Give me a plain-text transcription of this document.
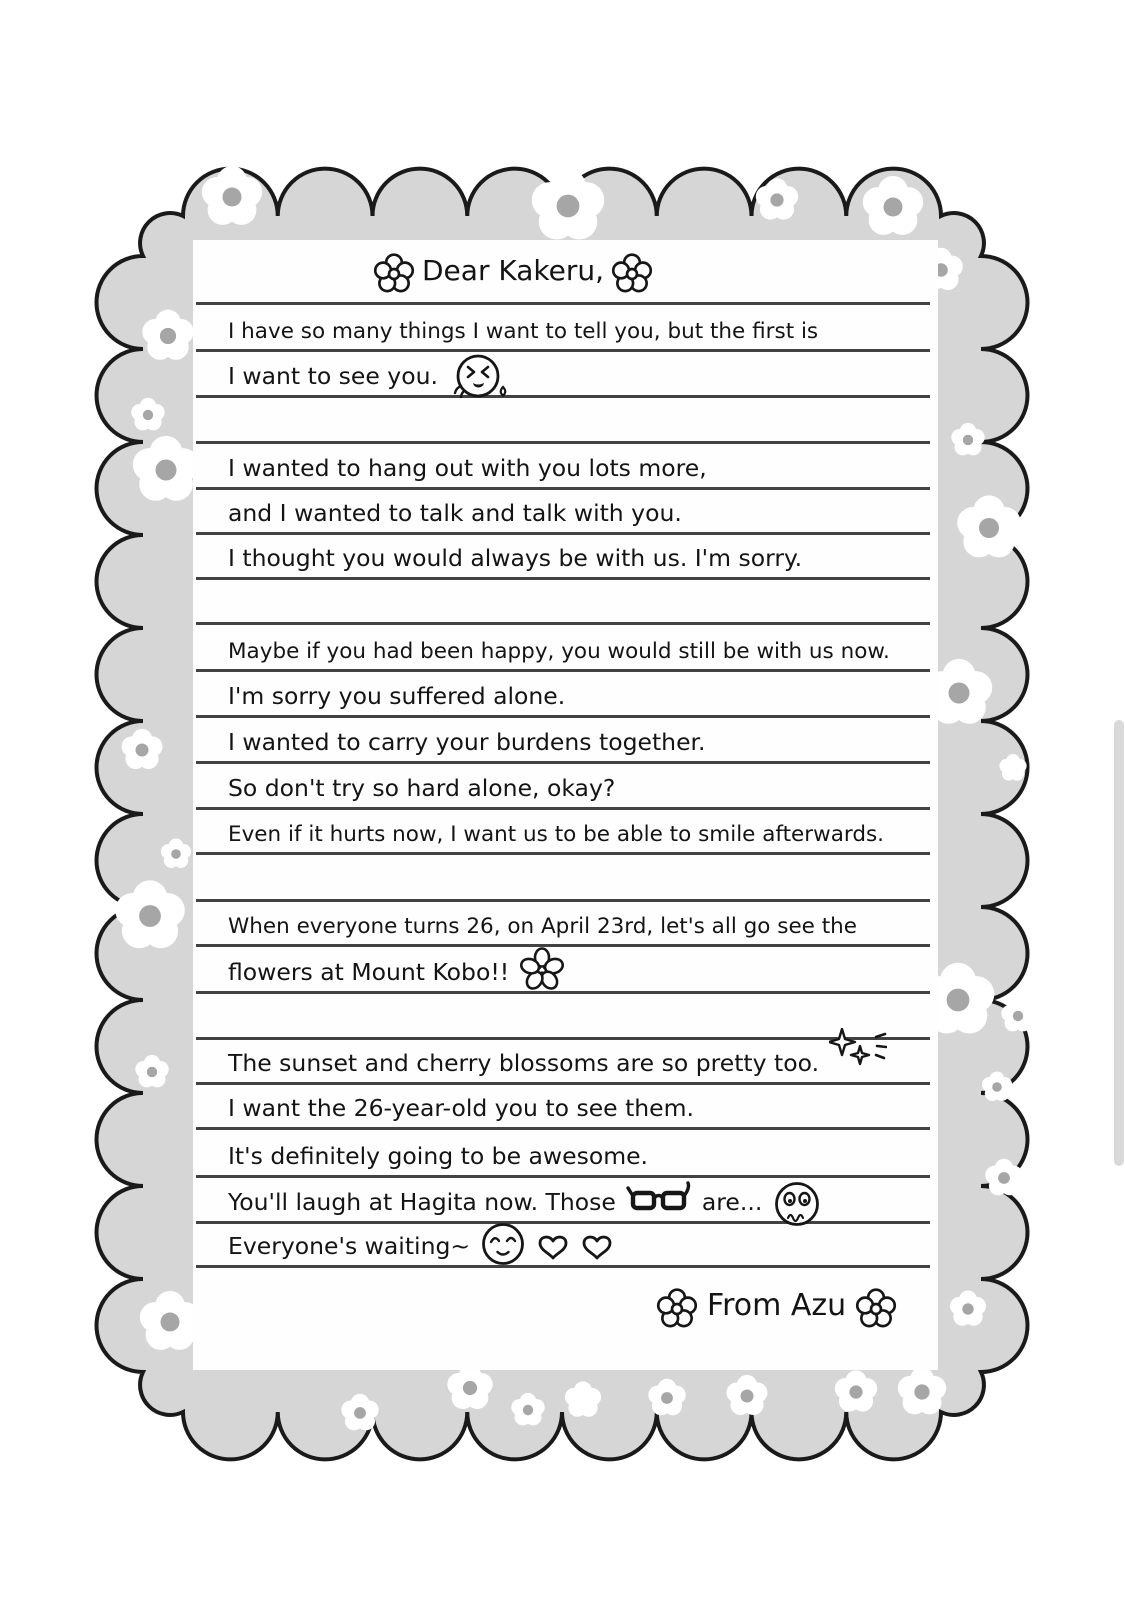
Dear Kakeru,
I have so many things I want to tell you, but the first is
I want to see you.
I wanted to hang out with you lots more,
and I wanted to talk and talk with you.
I thought you would always be with us. I'm sorry.
Maybe if you had been happy, you would still be with us now.
I'm sorry you suffered alone.
I wanted to carry your burdens together.
So don't try so hard alone, okay?
Even if it hurts now, I want us to be able to smile afterwards.
When everyone turns 26, on April 23rd, let's all go see the
flowers at Mount Kobo!!
The sunset and cherry blossoms are so pretty too.
I want the 26-year-old you to see them.
It's definitely going to be awesome.
You'll laugh at Hagita now. Those	are...
Everyone's waiting~
From Azu
